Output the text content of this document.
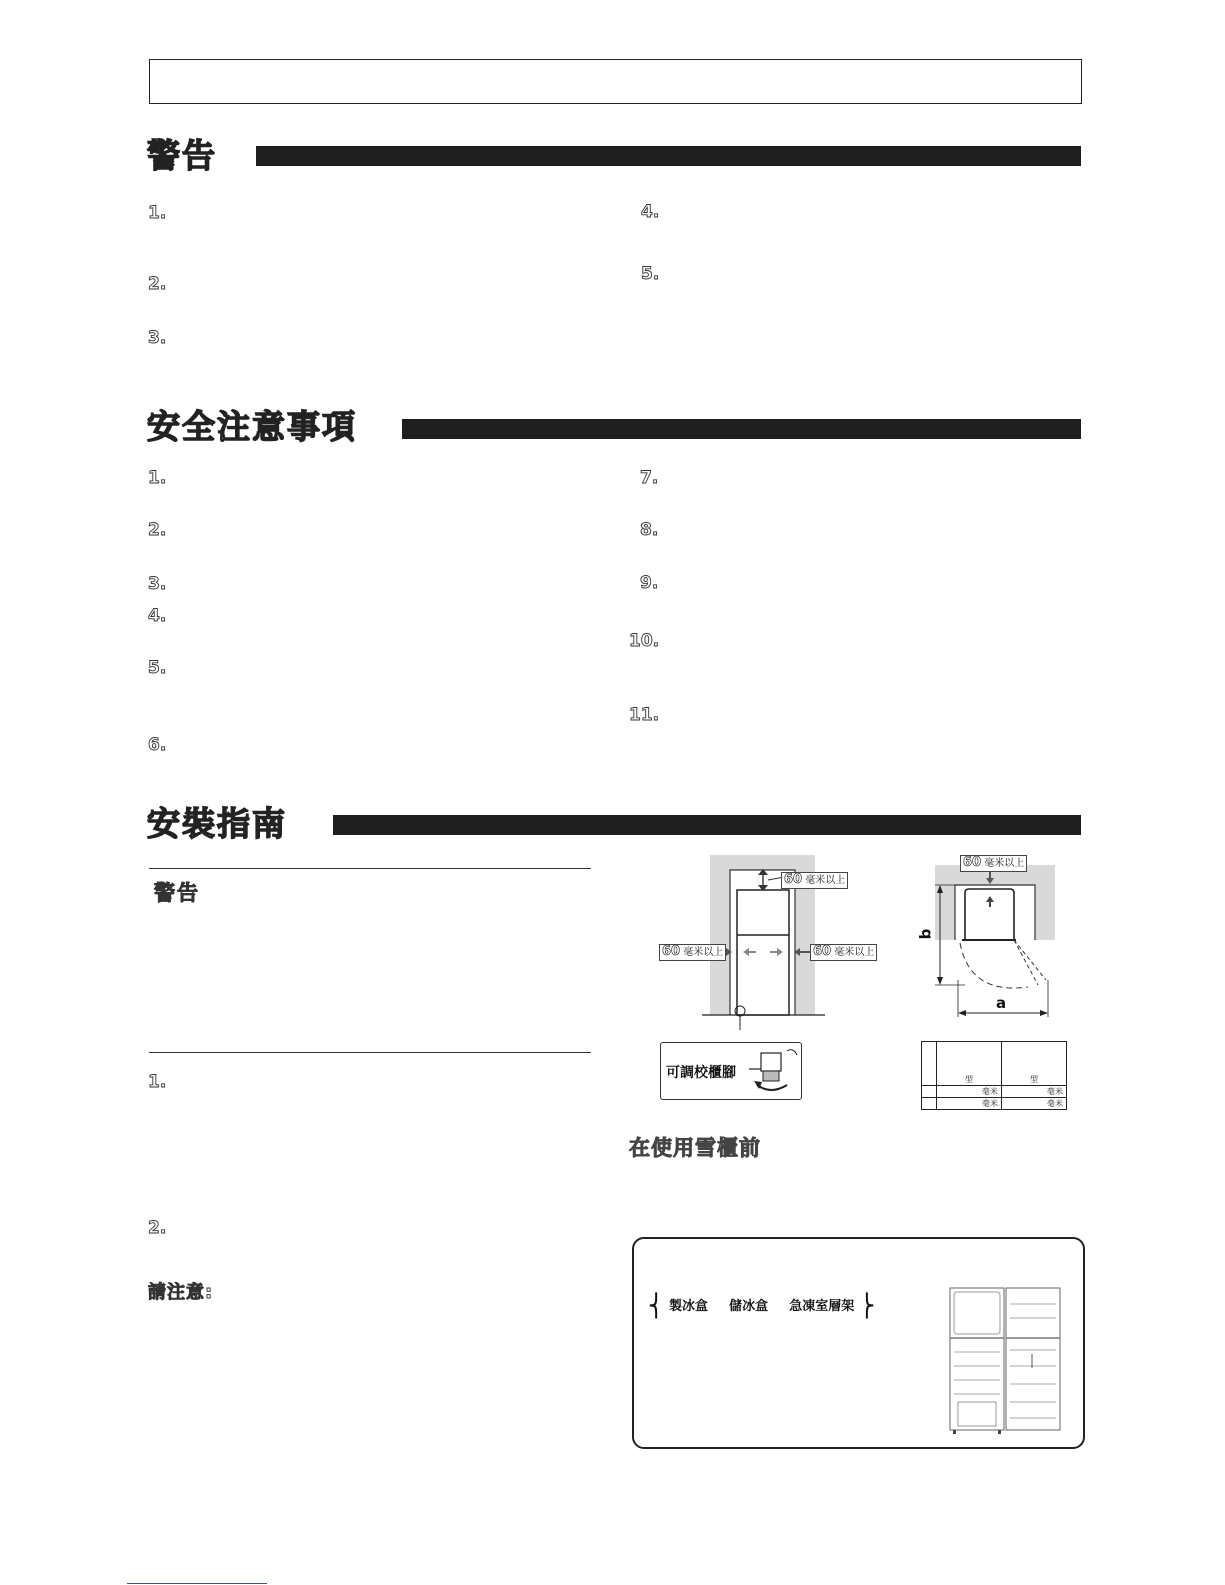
警告
1.
2.
3.
4.
5.
安全注意事項
1.
2.
3.
4.
5.
6.
7.
8.
9.
10.
11.
安裝指南
警告
1.
2.
請注意:
60 毫米以上
60 毫米以上	60 毫米以上
可調校櫃腳
60 毫米以上
b
a
	型	型
	毫米	毫米
	毫米	毫米
在使用雪櫃前
⎨ 製冰盒 儲冰盒 急凍室層架 ⎬
